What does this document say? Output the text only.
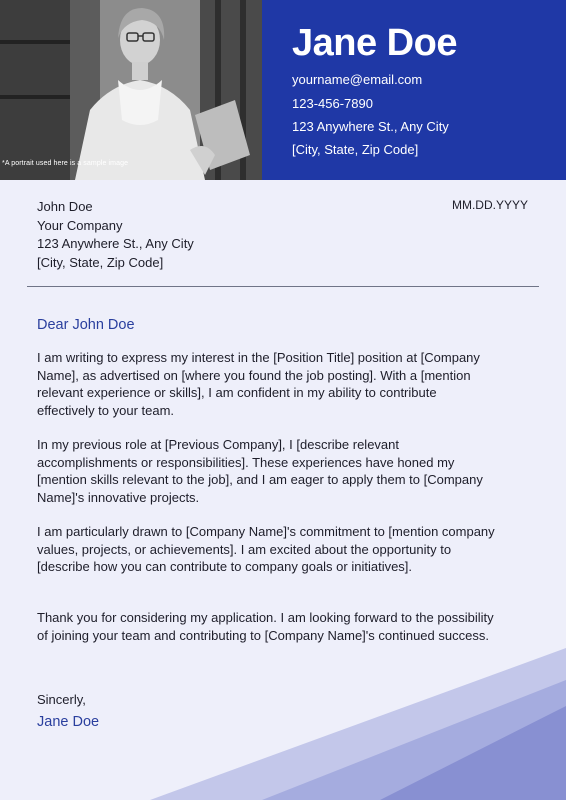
*A portrait used here is a sample image
Jane Doe
yourname@email.com
123-456-7890
123 Anywhere St., Any City
[City, State, Zip Code]
John Doe
Your Company
123 Anywhere St., Any City
[City, State, Zip Code]
MM.DD.YYYY
Dear John Doe

I am writing to express my interest in the [Position Title] position at [Company Name], as advertised on [where you found the job posting]. With a [mention relevant experience or skills], I am confident in my ability to contribute effectively to your team.

In my previous role at [Previous Company], I [describe relevant accomplishments or responsibilities]. These experiences have honed my [mention skills relevant to the job], and I am eager to apply them to [Company Name]'s innovative projects.

I am particularly drawn to [Company Name]'s commitment to [mention company values, projects, or achievements]. I am excited about the opportunity to [describe how you can contribute to company goals or initiatives].

Thank you for considering my application. I am looking forward to the possibility of joining your team and contributing to [Company Name]'s continued success.

Sincerly,
Jane Doe
